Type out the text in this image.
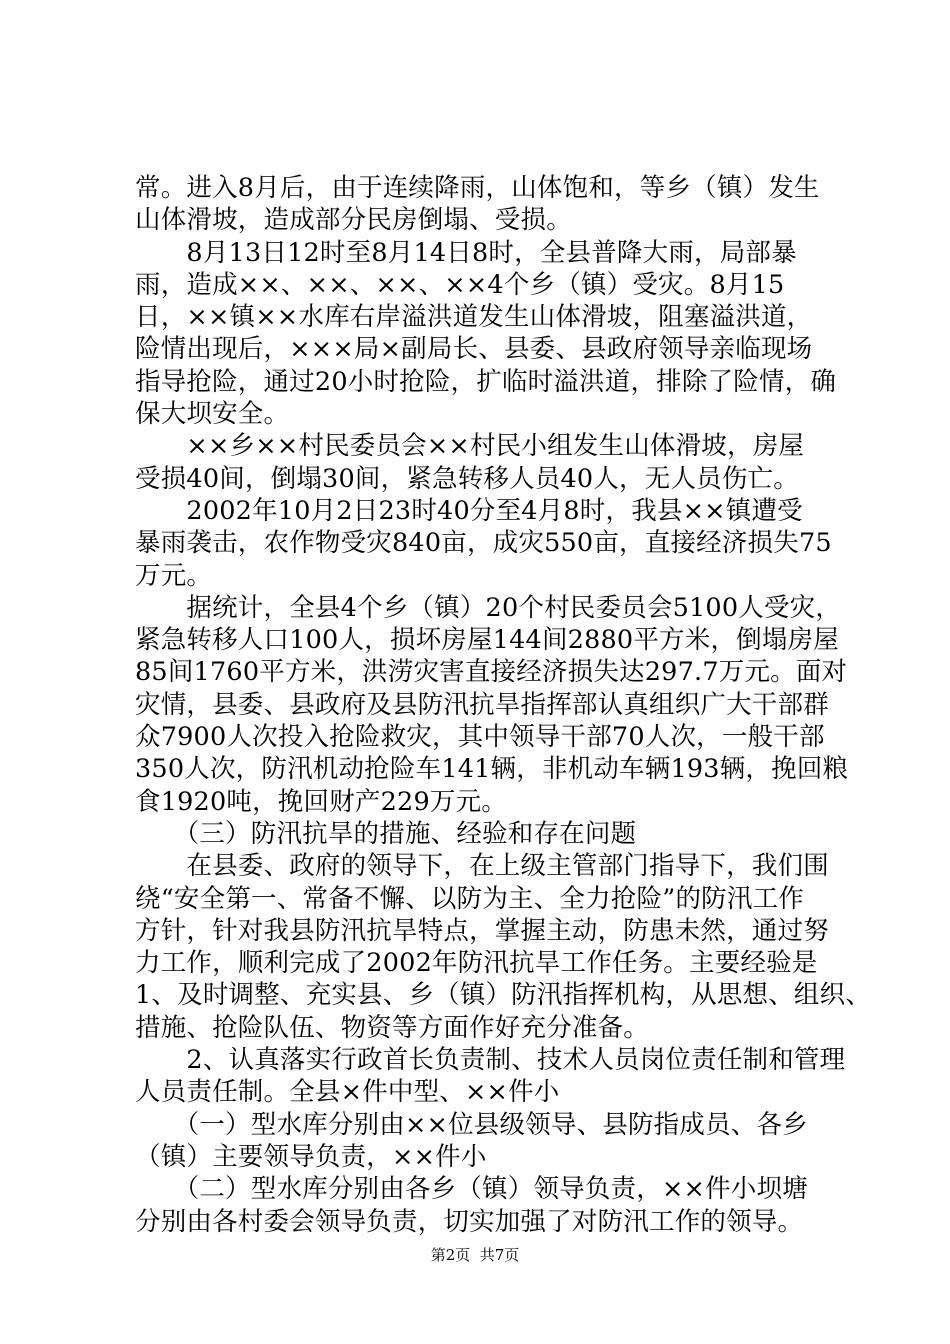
常。进入8月后，由于连续降雨，山体饱和，等乡（镇）发生
山体滑坡，造成部分民房倒塌、受损。
　　8月13日12时至8月14日8时，全县普降大雨，局部暴
雨，造成××、××、××、××4个乡（镇）受灾。8月15
日，××镇××水库右岸溢洪道发生山体滑坡，阻塞溢洪道，
险情出现后，×××局×副局长、县委、县政府领导亲临现场
指导抢险，通过20小时抢险，扩临时溢洪道，排除了险情，确
保大坝安全。
　　××乡××村民委员会××村民小组发生山体滑坡，房屋
受损40间，倒塌30间，紧急转移人员40人，无人员伤亡。
　　2002年10月2日23时40分至4月8时，我县××镇遭受
暴雨袭击，农作物受灾840亩，成灾550亩，直接经济损失75
万元。
　　据统计，全县4个乡（镇）20个村民委员会5100人受灾，
紧急转移人口100人，损坏房屋144间2880平方米，倒塌房屋
85间1760平方米，洪涝灾害直接经济损失达297.7万元。面对
灾情，县委、县政府及县防汛抗旱指挥部认真组织广大干部群
众7900人次投入抢险救灾，其中领导干部70人次，一般干部
350人次，防汛机动抢险车141辆，非机动车辆193辆，挽回粮
食1920吨，挽回财产229万元。
　　（三）防汛抗旱的措施、经验和存在问题
　　在县委、政府的领导下，在上级主管部门指导下，我们围
绕“安全第一、常备不懈、以防为主、全力抢险”的防汛工作
方针，针对我县防汛抗旱特点，掌握主动，防患未然，通过努
力工作，顺利完成了2002年防汛抗旱工作任务。主要经验是
1、及时调整、充实县、乡（镇）防汛指挥机构，从思想、组织、
措施、抢险队伍、物资等方面作好充分准备。
　　2、认真落实行政首长负责制、技术人员岗位责任制和管理
人员责任制。全县×件中型、××件小
　　（一）型水库分别由××位县级领导、县防指成员、各乡
（镇）主要领导负责，××件小
　　（二）型水库分别由各乡（镇）领导负责，××件小坝塘
分别由各村委会领导负责，切实加强了对防汛工作的领导。
第2页  共7页
